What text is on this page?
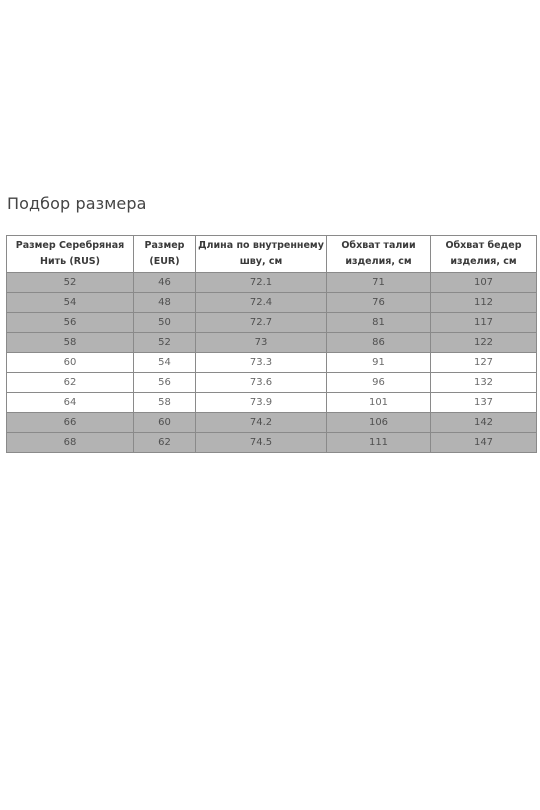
Подбор размера
Размер Серебряная Нить (RUS)	Размер (EUR)	Длина по внутреннему шву, см	Обхват талии изделия, см	Обхват бедер изделия, см
52	46	72.1	71	107
54	48	72.4	76	112
56	50	72.7	81	117
58	52	73	86	122
60	54	73.3	91	127
62	56	73.6	96	132
64	58	73.9	101	137
66	60	74.2	106	142
68	62	74.5	111	147
